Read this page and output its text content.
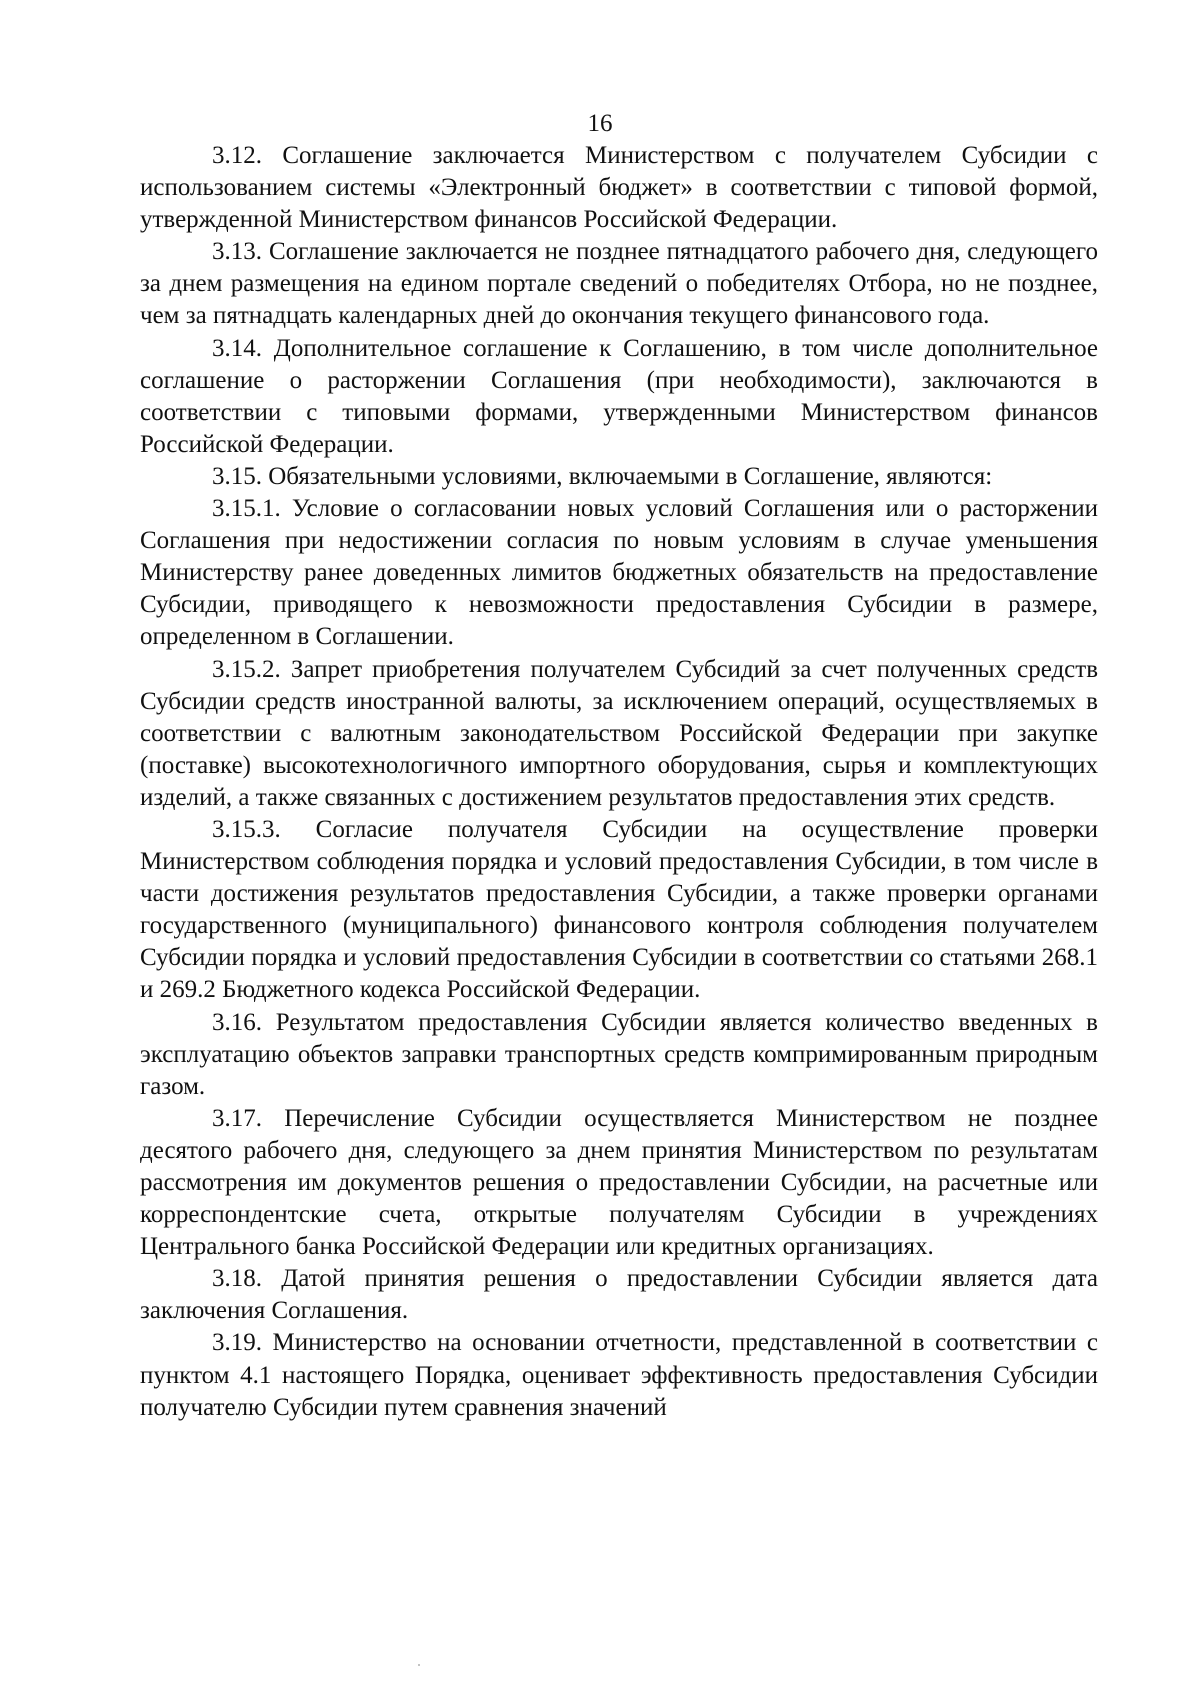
16

3.12. Соглашение заключается Министерством с получателем Субсидии с использованием системы «Электронный бюджет» в соответствии с типовой формой, утвержденной Министерством финансов Российской Федерации.

3.13. Соглашение заключается не позднее пятнадцатого рабочего дня, следующего за днем размещения на едином портале сведений о победителях Отбора, но не позднее, чем за пятнадцать календарных дней до окончания текущего финансового года.

3.14. Дополнительное соглашение к Соглашению, в том числе дополнительное соглашение о расторжении Соглашения (при необходимости), заключаются в соответствии с типовыми формами, утвержденными Министерством финансов Российской Федерации.

3.15. Обязательными условиями, включаемыми в Соглашение, являются:

3.15.1. Условие о согласовании новых условий Соглашения или о расторжении Соглашения при недостижении согласия по новым условиям в случае уменьшения Министерству ранее доведенных лимитов бюджетных обязательств на предоставление Субсидии, приводящего к невозможности предоставления Субсидии в размере, определенном в Соглашении.

3.15.2. Запрет приобретения получателем Субсидий за счет полученных средств Субсидии средств иностранной валюты, за исключением операций, осуществляемых в соответствии с валютным законодательством Российской Федерации при закупке (поставке) высокотехнологичного импортного оборудования, сырья и комплектующих изделий, а также связанных с достижением результатов предоставления этих средств.

3.15.3. Согласие получателя Субсидии на осуществление проверки Министерством соблюдения порядка и условий предоставления Субсидии, в том числе в части достижения результатов предоставления Субсидии, а также проверки органами государственного (муниципального) финансового контроля соблюдения получателем Субсидии порядка и условий предоставления Субсидии в соответствии со статьями 268.1 и 269.2 Бюджетного кодекса Российской Федерации.

3.16. Результатом предоставления Субсидии является количество введенных в эксплуатацию объектов заправки транспортных средств компримированным природным газом.

3.17. Перечисление Субсидии осуществляется Министерством не позднее десятого рабочего дня, следующего за днем принятия Министерством по результатам рассмотрения им документов решения о предоставлении Субсидии, на расчетные или корреспондентские счета, открытые получателям Субсидии в учреждениях Центрального банка Российской Федерации или кредитных организациях.

3.18. Датой принятия решения о предоставлении Субсидии является дата заключения Соглашения.

3.19. Министерство на основании отчетности, представленной в соответствии с пунктом 4.1 настоящего Порядка, оценивает эффективность предоставления Субсидии получателю Субсидии путем сравнения значений
